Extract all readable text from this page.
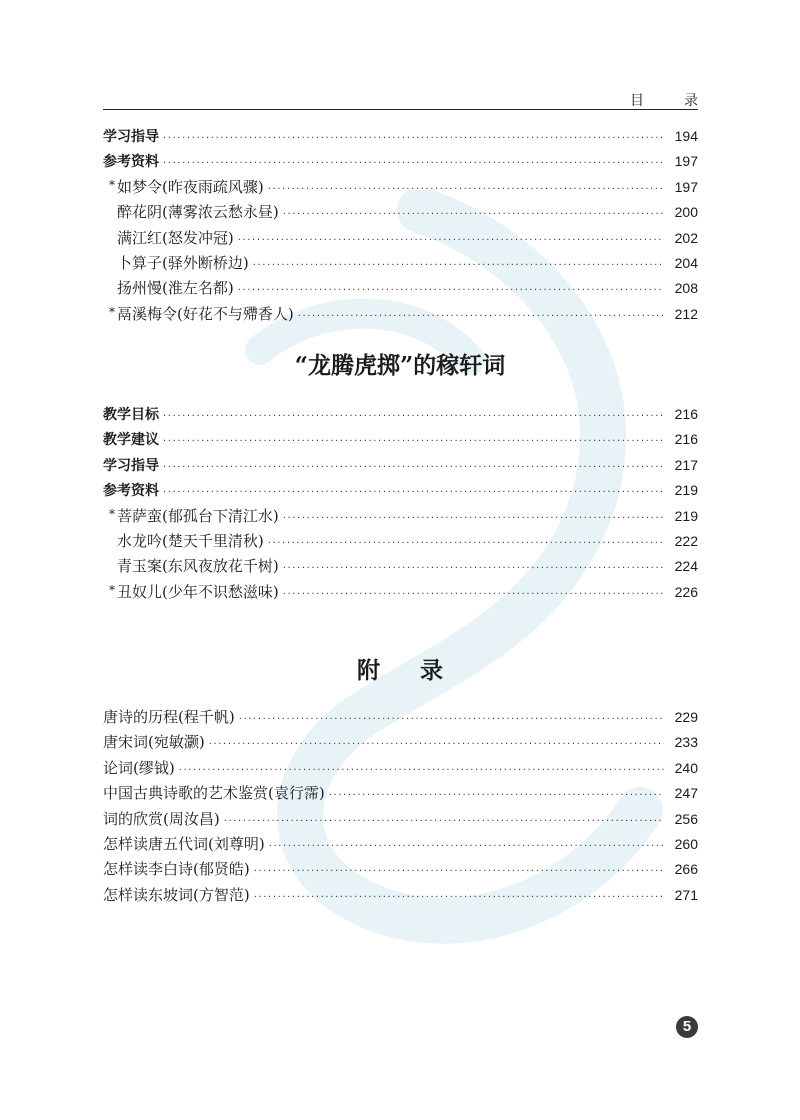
目	录
学习指导 ·····	194
参考资料 ·····	197
* 如梦令(昨夜雨疏风骤) ·····	197
醉花阴(薄雾浓云愁永昼) ·····	200
满江红(怒发冲冠) ·····	202
卜算子(驿外断桥边) ·····	204
扬州慢(淮左名都) ·····	208
* 鬲溪梅令(好花不与殢香人) ·····	212
“龙腾虎掷”的稼轩词
教学目标 ·····	216
教学建议 ·····	216
学习指导 ·····	217
参考资料 ·····	219
* 菩萨蛮(郁孤台下清江水) ·····	219
水龙吟(楚天千里清秋) ·····	222
青玉案(东风夜放花千树) ·····	224
* 丑奴儿(少年不识愁滋味) ·····	226
附 录
唐诗的历程(程千帆) ·····	229
唐宋词(宛敏灏) ·····	233
论词(缪钺) ·····	240
中国古典诗歌的艺术鉴赏(袁行霈) ·····	247
词的欣赏(周汝昌) ·····	256
怎样读唐五代词(刘尊明) ·····	260
怎样读李白诗(郁贤皓) ·····	266
怎样读东坡词(方智范) ·····	271
5
